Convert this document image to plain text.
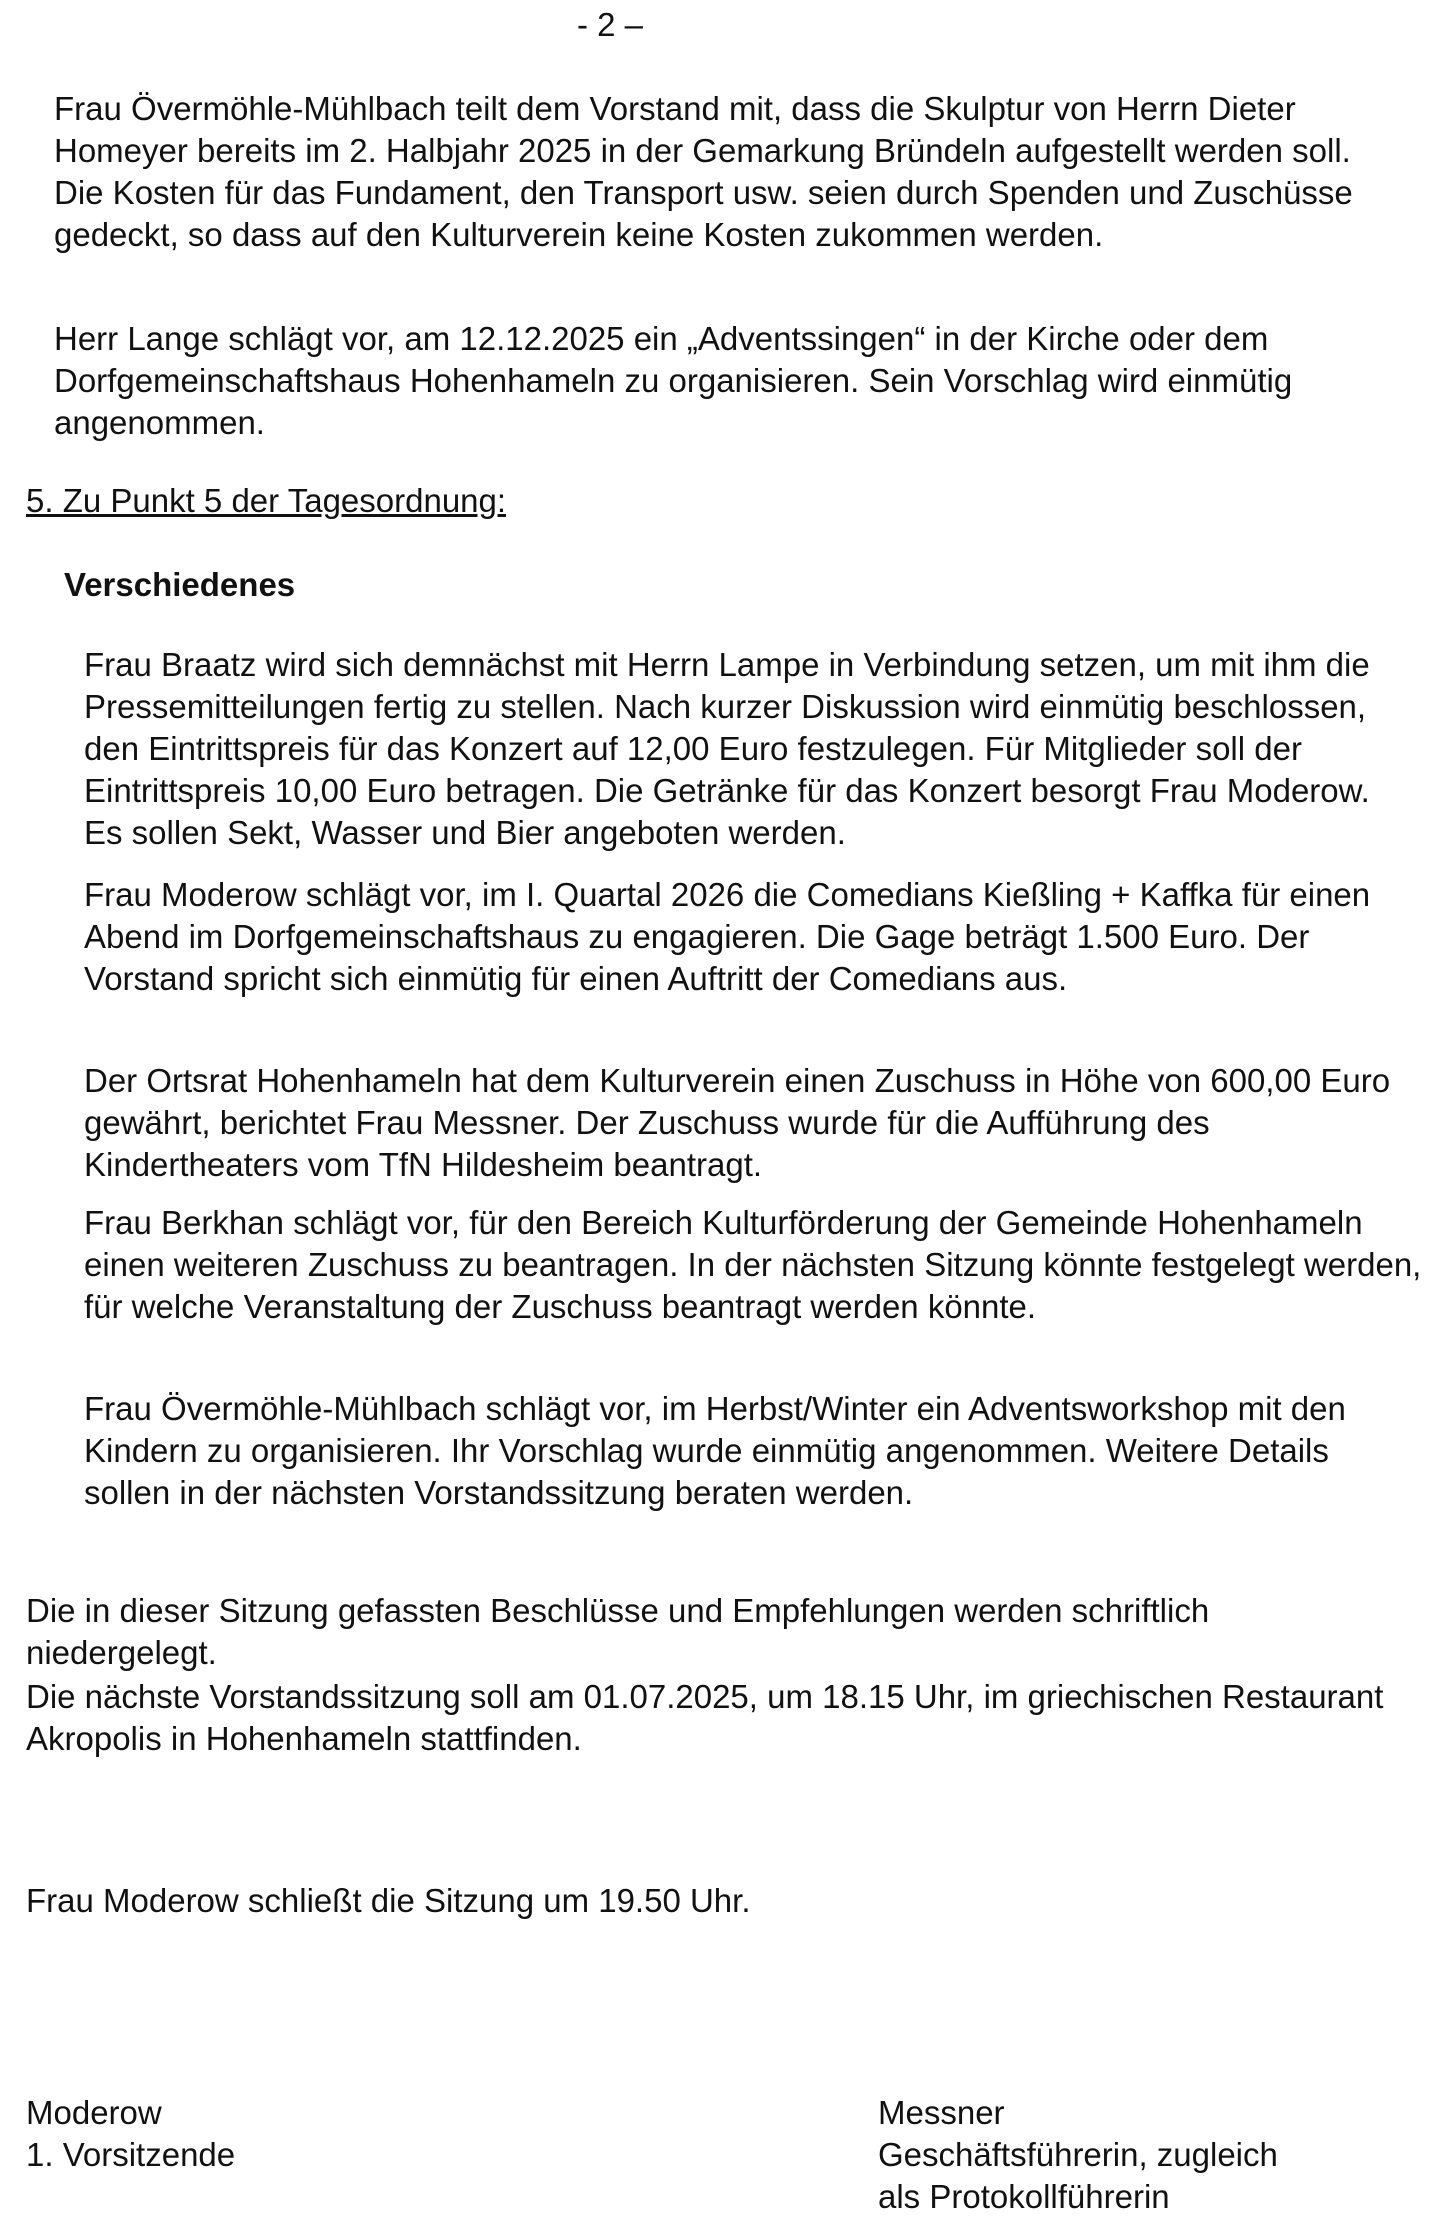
- 2 –

Frau Övermöhle-Mühlbach teilt dem Vorstand mit, dass die Skulptur von Herrn Dieter Homeyer bereits im 2. Halbjahr 2025 in der Gemarkung Bründeln aufgestellt werden soll. Die Kosten für das Fundament, den Transport usw. seien durch Spenden und Zuschüsse gedeckt, so dass auf den Kulturverein keine Kosten zukommen werden.

Herr Lange schlägt vor, am 12.12.2025 ein „Adventssingen“ in der Kirche oder dem Dorfgemeinschaftshaus Hohenhameln zu organisieren. Sein Vorschlag wird einmütig angenommen.

5. Zu Punkt 5 der Tagesordnung:
Verschiedenes

Frau Braatz wird sich demnächst mit Herrn Lampe in Verbindung setzen, um mit ihm die Pressemitteilungen fertig zu stellen. Nach kurzer Diskussion wird einmütig beschlossen, den Eintrittspreis für das Konzert auf 12,00 Euro festzulegen. Für Mitglieder soll der Eintrittspreis 10,00 Euro betragen. Die Getränke für das Konzert besorgt Frau Moderow. Es sollen Sekt, Wasser und Bier angeboten werden.

Frau Moderow schlägt vor, im I. Quartal 2026 die Comedians Kießling + Kaffka für einen Abend im Dorfgemeinschaftshaus zu engagieren. Die Gage beträgt 1.500 Euro. Der Vorstand spricht sich einmütig für einen Auftritt der Comedians aus.

Der Ortsrat Hohenhameln hat dem Kulturverein einen Zuschuss in Höhe von 600,00 Euro gewährt, berichtet Frau Messner. Der Zuschuss wurde für die Aufführung des Kindertheaters vom TfN Hildesheim beantragt.

Frau Berkhan schlägt vor, für den Bereich Kulturförderung der Gemeinde Hohenhameln einen weiteren Zuschuss zu beantragen. In der nächsten Sitzung könnte festgelegt werden, für welche Veranstaltung der Zuschuss beantragt werden könnte.

Frau Övermöhle-Mühlbach schlägt vor, im Herbst/Winter ein Adventsworkshop mit den Kindern zu organisieren. Ihr Vorschlag wurde einmütig angenommen. Weitere Details sollen in der nächsten Vorstandssitzung beraten werden.

Die in dieser Sitzung gefassten Beschlüsse und Empfehlungen werden schriftlich niedergelegt.

Die nächste Vorstandssitzung soll am 01.07.2025, um 18.15 Uhr, im griechischen Restaurant Akropolis in Hohenhameln stattfinden.

Frau Moderow schließt die Sitzung um 19.50 Uhr.

Moderow
1. Vorsitzende
Messner
Geschäftsführerin, zugleich
als Protokollführerin
